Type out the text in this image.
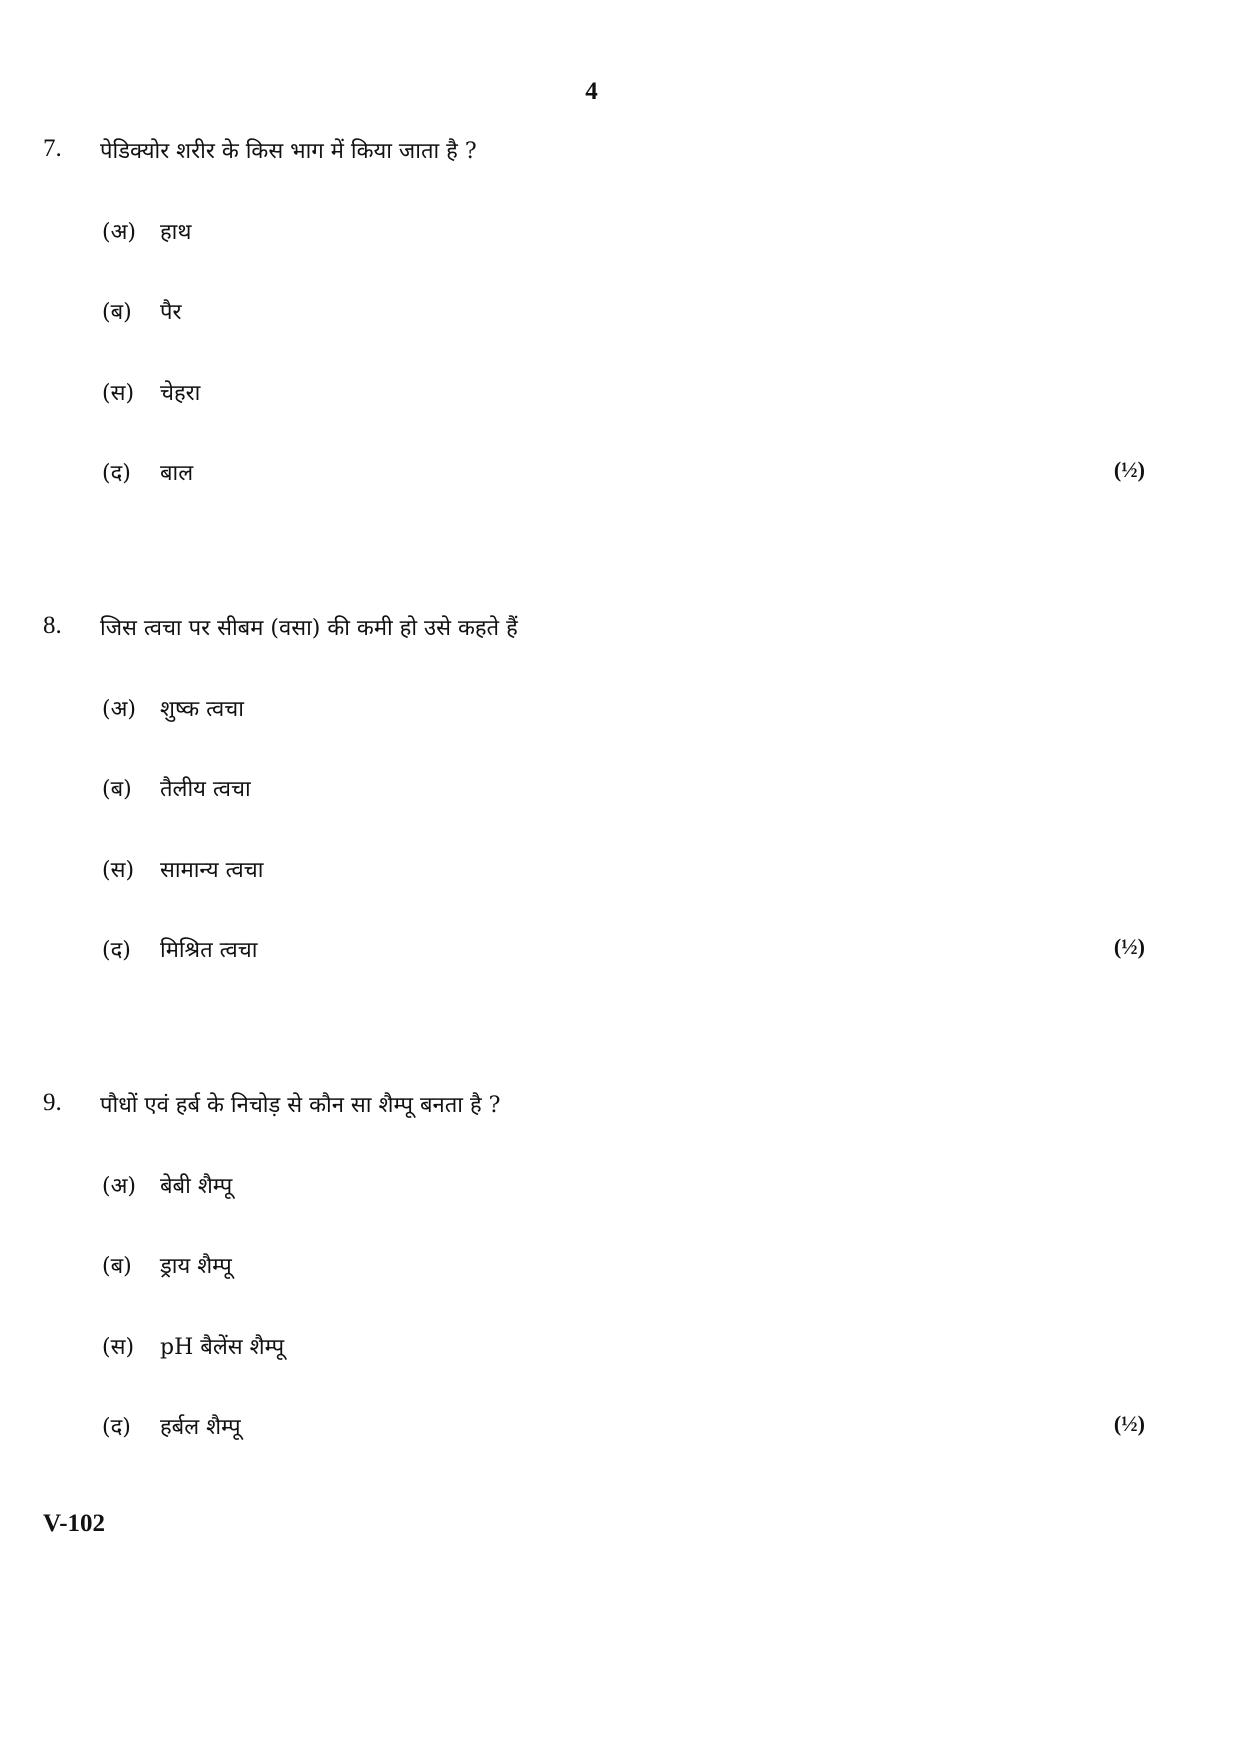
4
7. पेडिक्योर शरीर के किस भाग में किया जाता है ?
(अ) हाथ
(ब) पैर
(स) चेहरा
(द) बाल	(½)
8. जिस त्वचा पर सीबम (वसा) की कमी हो उसे कहते हैं
(अ) शुष्क त्वचा
(ब) तैलीय त्वचा
(स) सामान्य त्वचा
(द) मिश्रित त्वचा	(½)
9. पौधों एवं हर्ब के निचोड़ से कौन सा शैम्पू बनता है ?
(अ) बेबी शैम्पू
(ब) ड्राय शैम्पू
(स) pH बैलेंस शैम्पू
(द) हर्बल शैम्पू	(½)
V-102
